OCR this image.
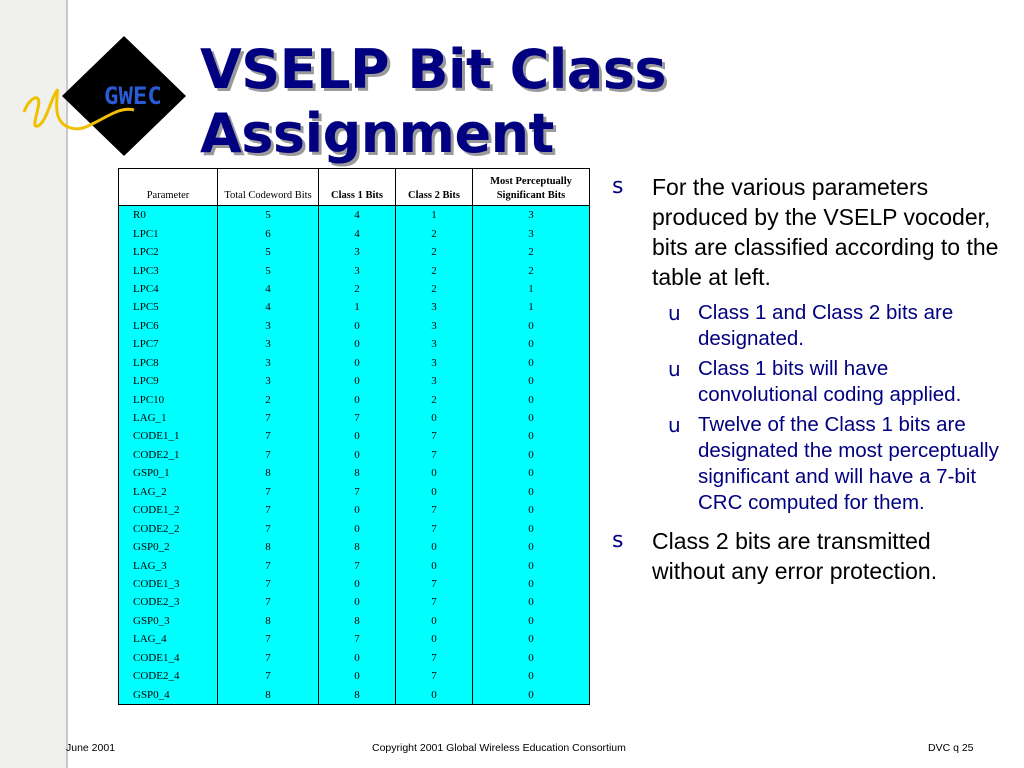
GWEC VSELP Bit Class
Assignment
Parameter	Total Codeword Bits	Class 1 Bits	Class 2 Bits	Most Perceptually Significant Bits
R0	5	4	1	3
LPC1	6	4	2	3
LPC2	5	3	2	2
LPC3	5	3	2	2
LPC4	4	2	2	1
LPC5	4	1	3	1
LPC6	3	0	3	0
LPC7	3	0	3	0
LPC8	3	0	3	0
LPC9	3	0	3	0
LPC10	2	0	2	0
LAG_1	7	7	0	0
CODE1_1	7	0	7	0
CODE2_1	7	0	7	0
GSP0_1	8	8	0	0
LAG_2	7	7	0	0
CODE1_2	7	0	7	0
CODE2_2	7	0	7	0
GSP0_2	8	8	0	0
LAG_3	7	7	0	0
CODE1_3	7	0	7	0
CODE2_3	7	0	7	0
GSP0_3	8	8	0	0
LAG_4	7	7	0	0
CODE1_4	7	0	7	0
CODE2_4	7	0	7	0
GSP0_4	8	8	0	0
s For the various parameters produced by the VSELP vocoder, bits are classified according to the table at left.
u Class 1 and Class 2 bits are designated.
u Class 1 bits will have convolutional coding applied.
u Twelve of the Class 1 bits are designated the most perceptually significant and will have a 7-bit CRC computed for them.
s Class 2 bits are transmitted without any error protection.
June 2001	Copyright 2001 Global Wireless Education Consortium	DVC q 25
